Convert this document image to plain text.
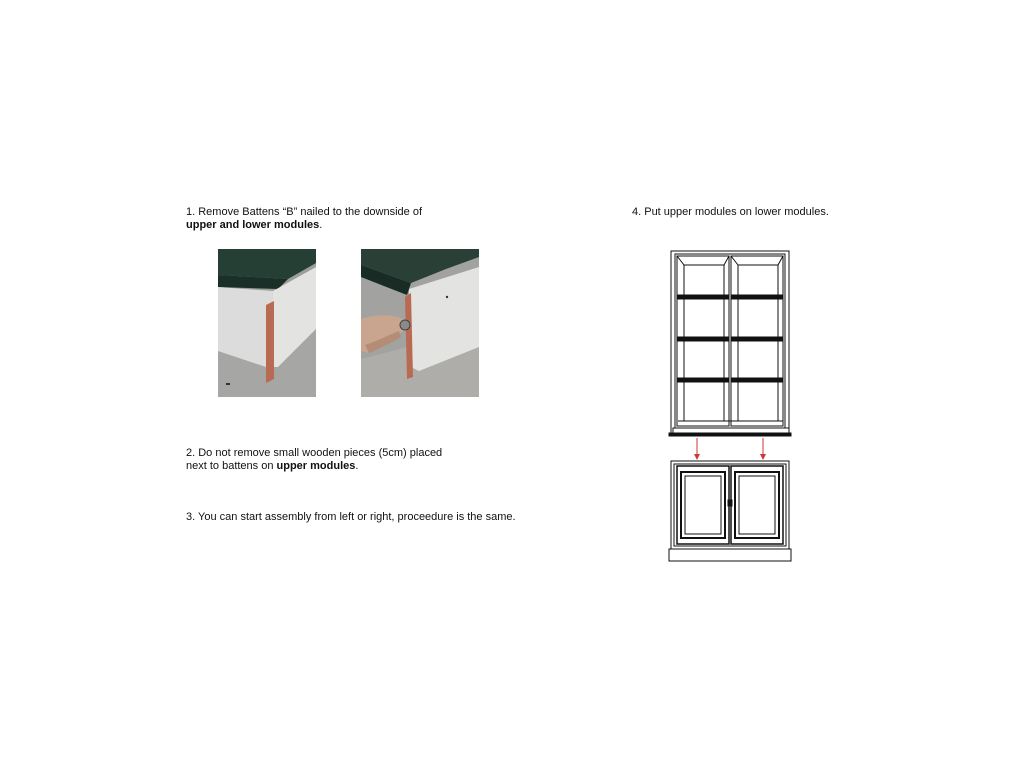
1. Remove Battens “B” nailed to the downside of
upper and lower modules.
2. Do not remove small wooden pieces (5cm) placed
next to battens on upper modules.
3. You can start assembly from left or right, proceedure is the same.
4. Put upper modules on lower modules.
